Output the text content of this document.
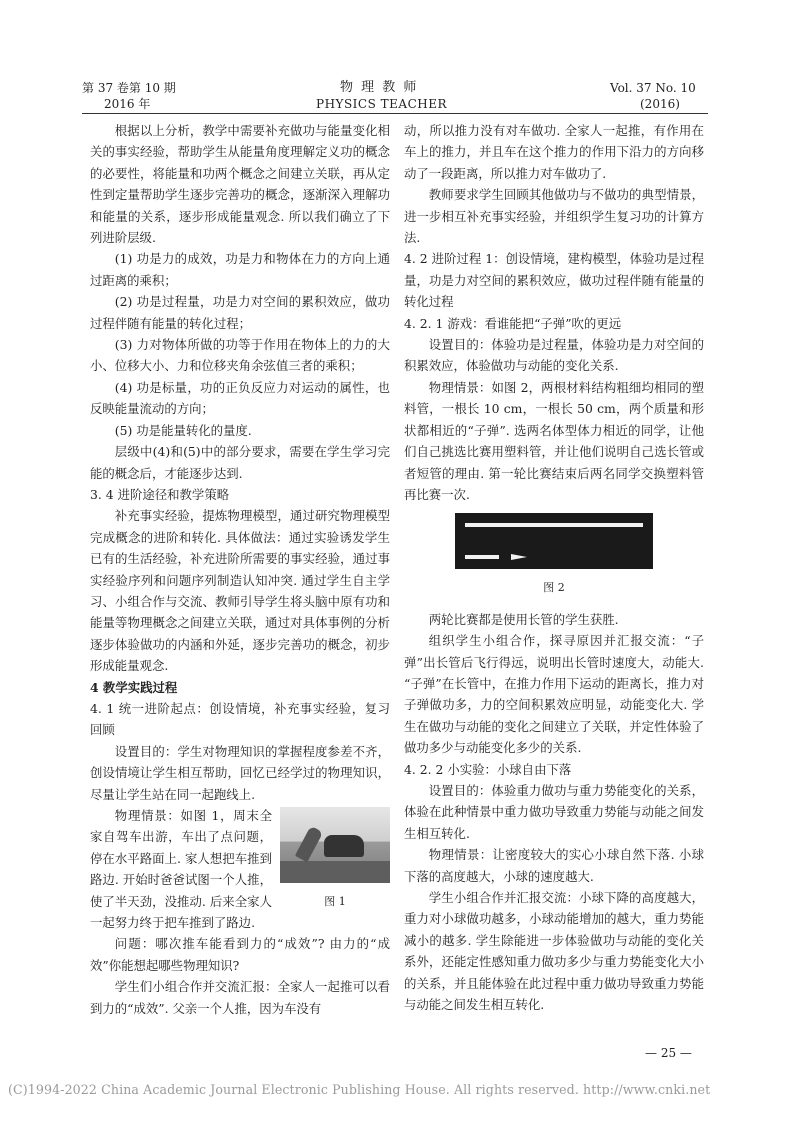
第 37 卷第 10 期
2016 年
物 理 教 师
PHYSICS TEACHER
Vol. 37 No. 10
(2016)

根据以上分析，教学中需要补充做功与能量变化相关的事实经验，帮助学生从能量角度理解定义功的概念的必要性，将能量和功两个概念之间建立关联，再从定性到定量帮助学生逐步完善功的概念，逐渐深入理解功和能量的关系，逐步形成能量观念. 所以我们确立了下列进阶层级.

(1) 功是力的成效，功是力和物体在力的方向上通过距离的乘积；

(2) 功是过程量，功是力对空间的累积效应，做功过程伴随有能量的转化过程；

(3) 力对物体所做的功等于作用在物体上的力的大小、位移大小、力和位移夹角余弦值三者的乘积；

(4) 功是标量，功的正负反应力对运动的属性，也反映能量流动的方向；

(5) 功是能量转化的量度.

层级中(4)和(5)中的部分要求，需要在学生学习完能的概念后，才能逐步达到.

3. 4 进阶途径和教学策略

补充事实经验，提炼物理模型，通过研究物理模型完成概念的进阶和转化. 具体做法：通过实验诱发学生已有的生活经验，补充进阶所需要的事实经验，通过事实经验序列和问题序列制造认知冲突. 通过学生自主学习、小组合作与交流、教师引导学生将头脑中原有功和能量等物理概念之间建立关联，通过对具体事例的分析逐步体验做功的内涵和外延，逐步完善功的概念，初步形成能量观念.

4 教学实践过程

4. 1 统一进阶起点：创设情境，补充事实经验，复习回顾

设置目的：学生对物理知识的掌握程度参差不齐，创设情境让学生相互帮助，回忆已经学过的物理知识，尽量让学生站在同一起跑线上.

图 1

物理情景：如图 1，周末全家自驾车出游，车出了点问题，停在水平路面上. 家人想把车推到路边. 开始时爸爸试图一个人推，使了半天劲，没推动. 后来全家人一起努力终于把车推到了路边.

问题：哪次推车能看到力的“成效”? 由力的“成效”你能想起哪些物理知识?

学生们小组合作并交流汇报：全家人一起推可以看到力的“成效”. 父亲一个人推，因为车没有

动，所以推力没有对车做功. 全家人一起推，有作用在车上的推力，并且车在这个推力的作用下沿力的方向移动了一段距离，所以推力对车做功了.

教师要求学生回顾其他做功与不做功的典型情景，进一步相互补充事实经验，并组织学生复习功的计算方法.

4. 2 进阶过程 1：创设情境，建构模型，体验功是过程量，功是力对空间的累积效应，做功过程伴随有能量的转化过程

4. 2. 1 游戏：看谁能把“子弹”吹的更远

设置目的：体验功是过程量，体验功是力对空间的积累效应，体验做功与动能的变化关系.

物理情景：如图 2，两根材料结构粗细均相同的塑料管，一根长 10 cm，一根长 50 cm，两个质量和形状都相近的“子弹”. 选两名体型体力相近的同学，让他们自己挑选比赛用塑料管，并让他们说明自己选长管或者短管的理由. 第一轮比赛结束后两名同学交换塑料管再比赛一次.

图 2

两轮比赛都是使用长管的学生获胜.

组织学生小组合作，探寻原因并汇报交流：“子弹”出长管后飞行得远，说明出长管时速度大，动能大. “子弹”在长管中，在推力作用下运动的距离长，推力对子弹做功多，力的空间积累效应明显，动能变化大. 学生在做功与动能的变化之间建立了关联，并定性体验了做功多少与动能变化多少的关系.

4. 2. 2 小实验：小球自由下落

设置目的：体验重力做功与重力势能变化的关系，体验在此种情景中重力做功导致重力势能与动能之间发生相互转化.

物理情景：让密度较大的实心小球自然下落. 小球下落的高度越大，小球的速度越大.

学生小组合作并汇报交流：小球下降的高度越大，重力对小球做功越多，小球动能增加的越大，重力势能减小的越多. 学生除能进一步体验做功与动能的变化关系外，还能定性感知重力做功多少与重力势能变化大小的关系，并且能体验在此过程中重力做功导致重力势能与动能之间发生相互转化.

— 25 —
(C)1994-2022 China Academic Journal Electronic Publishing House. All rights reserved. http://www.cnki.net
